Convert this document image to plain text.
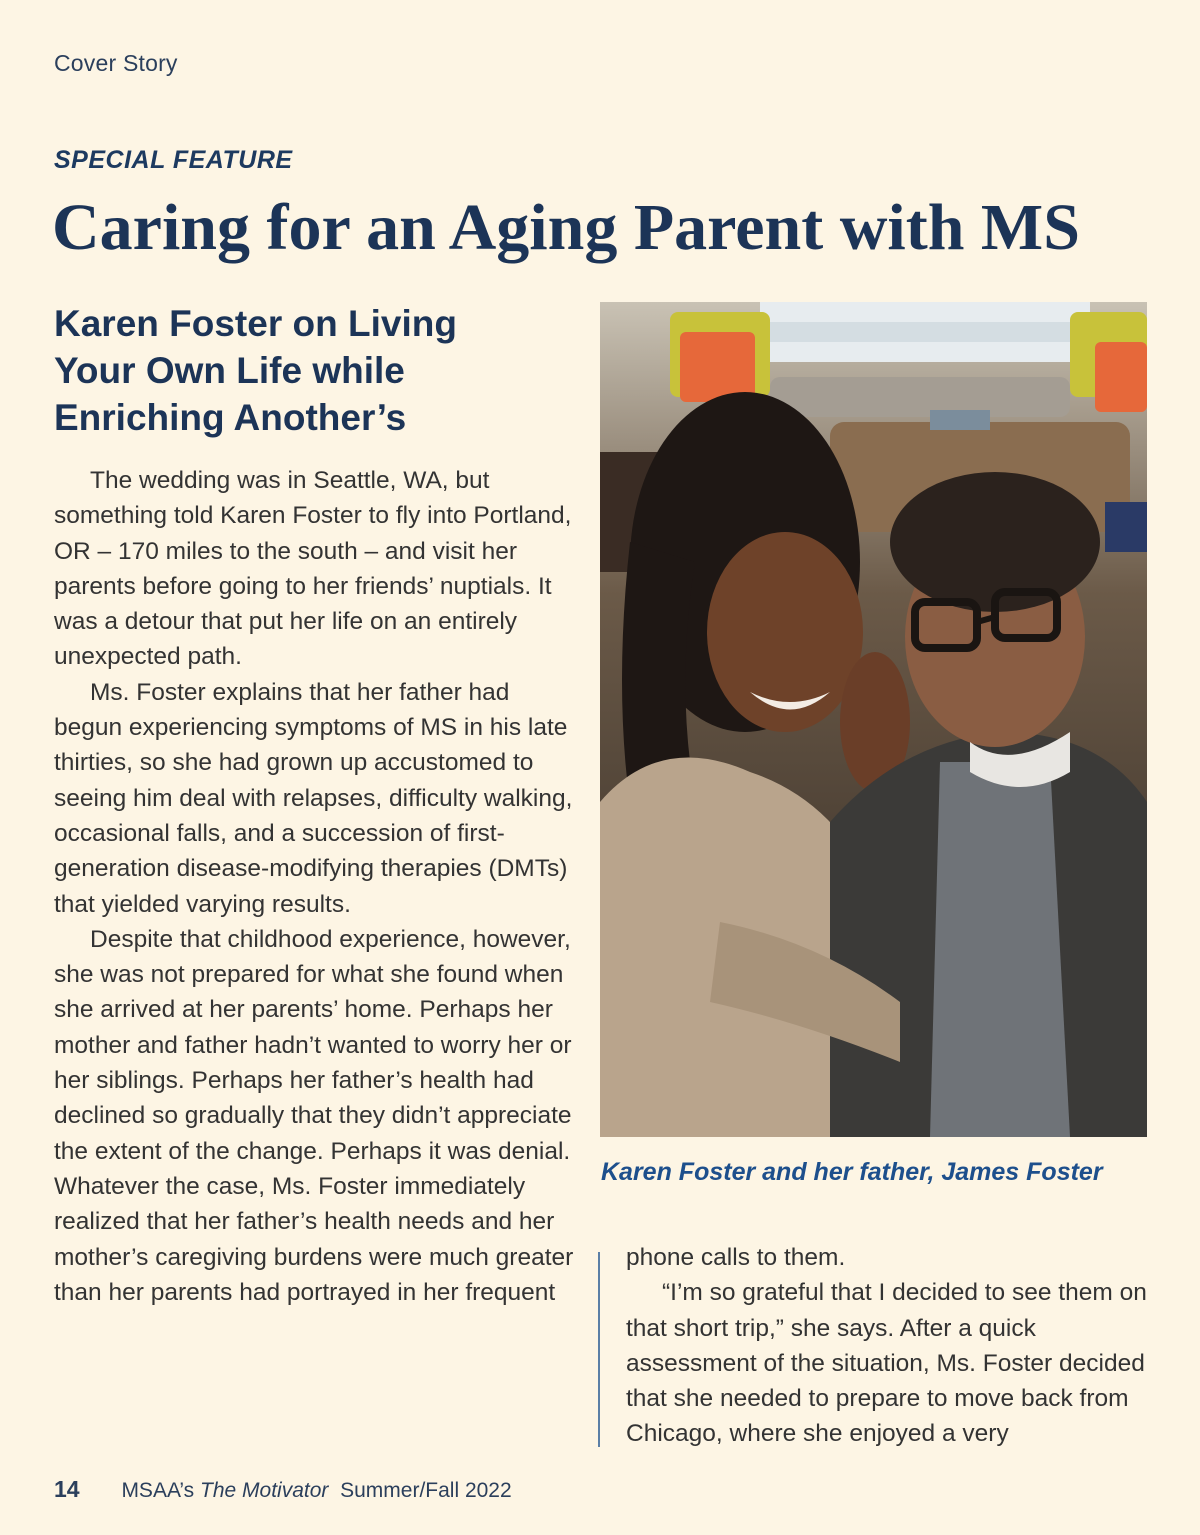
Cover Story
SPECIAL FEATURE
Caring for an Aging Parent with MS
Karen Foster on Living Your Own Life while Enriching Another’s

The wedding was in Seattle, WA, but something told Karen Foster to fly into Portland, OR – 170 miles to the south – and visit her parents before going to her friends’ nuptials. It was a detour that put her life on an entirely unexpected path.

Ms. Foster explains that her father had begun experiencing symptoms of MS in his late thirties, so she had grown up accustomed to seeing him deal with relapses, difficulty walking, occasional falls, and a succession of first-generation disease-modifying therapies (DMTs) that yielded varying results.

Despite that childhood experience, however, she was not prepared for what she found when she arrived at her parents’ home. Perhaps her mother and father hadn’t wanted to worry her or her siblings. Perhaps her father’s health had declined so gradually that they didn’t appreciate the extent of the change. Perhaps it was denial. Whatever the case, Ms. Foster immediately realized that her father’s health needs and her mother’s caregiving burdens were much greater than her parents had portrayed in her frequent

Karen Foster and her father, James Foster

phone calls to them.

“I’m so grateful that I decided to see them on that short trip,” she says. After a quick assessment of the situation, Ms. Foster decided that she needed to prepare to move back from Chicago, where she enjoyed a very

14 MSAA’s The Motivator Summer/Fall 2022
